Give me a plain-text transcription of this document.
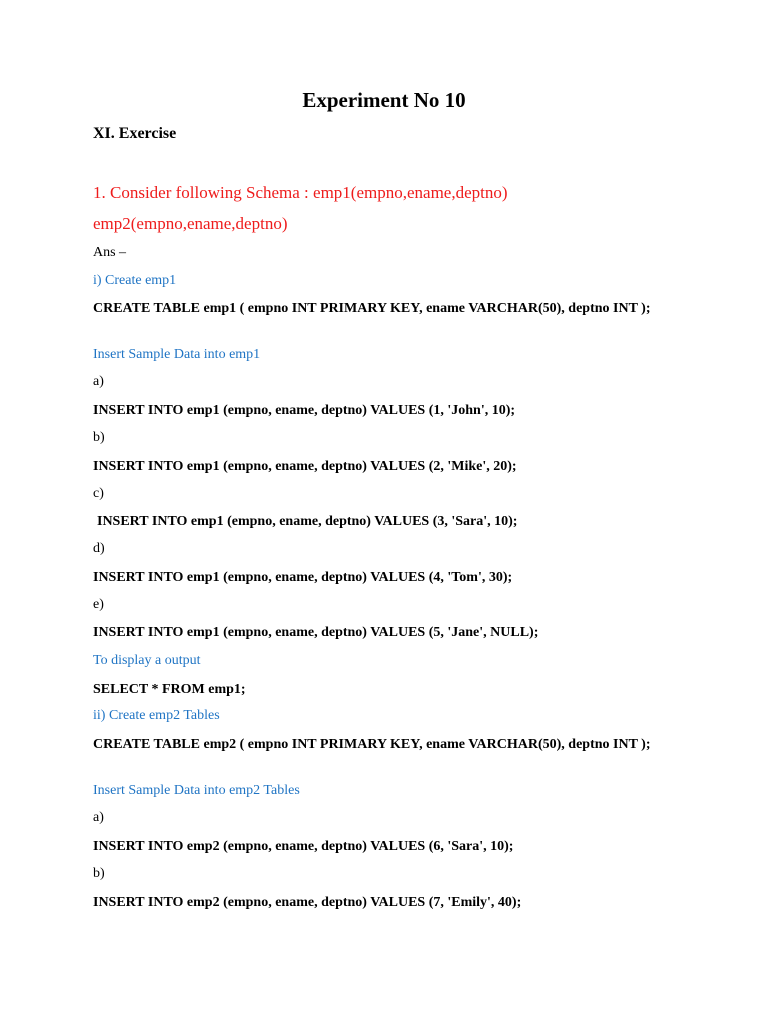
Experiment No 10

XI. Exercise

1. Consider following Schema : emp1(empno,ename,deptno)

emp2(empno,ename,deptno)

Ans –

i) Create emp1

CREATE TABLE emp1 ( empno INT PRIMARY KEY, ename VARCHAR(50), deptno INT );

Insert Sample Data into emp1

a)

INSERT INTO emp1 (empno, ename, deptno) VALUES (1, 'John', 10);

b)

INSERT INTO emp1 (empno, ename, deptno) VALUES (2, 'Mike', 20);

c)

INSERT INTO emp1 (empno, ename, deptno) VALUES (3, 'Sara', 10);

d)

INSERT INTO emp1 (empno, ename, deptno) VALUES (4, 'Tom', 30);

e)

INSERT INTO emp1 (empno, ename, deptno) VALUES (5, 'Jane', NULL);

To display a output

SELECT * FROM emp1;

ii) Create emp2 Tables

CREATE TABLE emp2 ( empno INT PRIMARY KEY, ename VARCHAR(50), deptno INT );

Insert Sample Data into emp2 Tables

a)

INSERT INTO emp2 (empno, ename, deptno) VALUES (6, 'Sara', 10);

b)

INSERT INTO emp2 (empno, ename, deptno) VALUES (7, 'Emily', 40);
